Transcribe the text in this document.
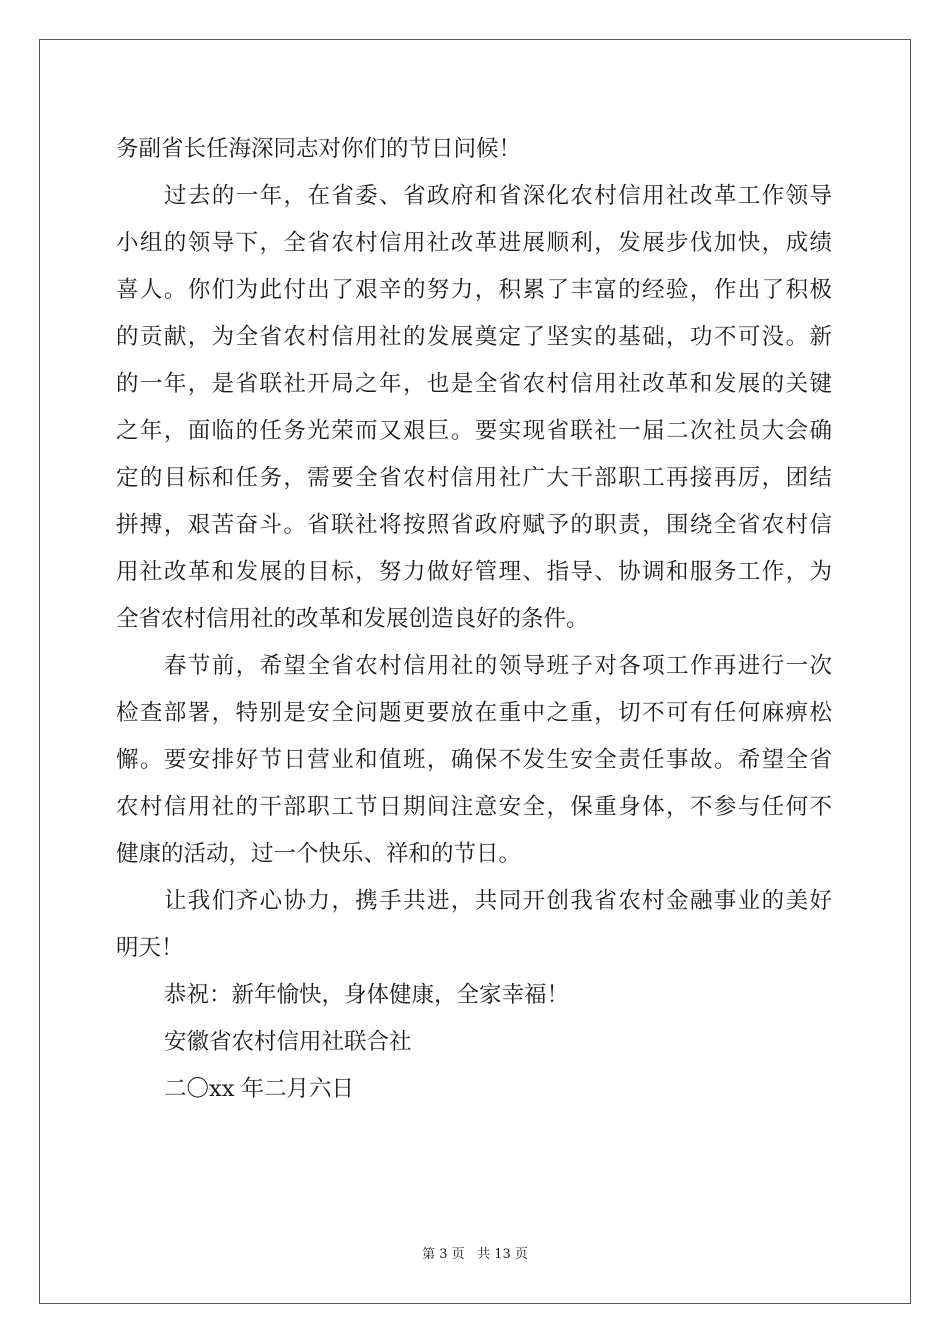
务副省长任海深同志对你们的节日问候！
过去的一年，在省委、省政府和省深化农村信用社改革工作领导
小组的领导下，全省农村信用社改革进展顺利，发展步伐加快，成绩
喜人。你们为此付出了艰辛的努力，积累了丰富的经验，作出了积极
的贡献，为全省农村信用社的发展奠定了坚实的基础，功不可没。新
的一年，是省联社开局之年，也是全省农村信用社改革和发展的关键
之年，面临的任务光荣而又艰巨。要实现省联社一届二次社员大会确
定的目标和任务，需要全省农村信用社广大干部职工再接再厉，团结
拼搏，艰苦奋斗。省联社将按照省政府赋予的职责，围绕全省农村信
用社改革和发展的目标，努力做好管理、指导、协调和服务工作，为
全省农村信用社的改革和发展创造良好的条件。
春节前，希望全省农村信用社的领导班子对各项工作再进行一次
检查部署，特别是安全问题更要放在重中之重，切不可有任何麻痹松
懈。要安排好节日营业和值班，确保不发生安全责任事故。希望全省
农村信用社的干部职工节日期间注意安全，保重身体，不参与任何不
健康的活动，过一个快乐、祥和的节日。
让我们齐心协力，携手共进，共同开创我省农村金融事业的美好
明天！
恭祝：新年愉快，身体健康，全家幸福！
安徽省农村信用社联合社
二〇xx 年二月六日
第 3 页 共 13 页
